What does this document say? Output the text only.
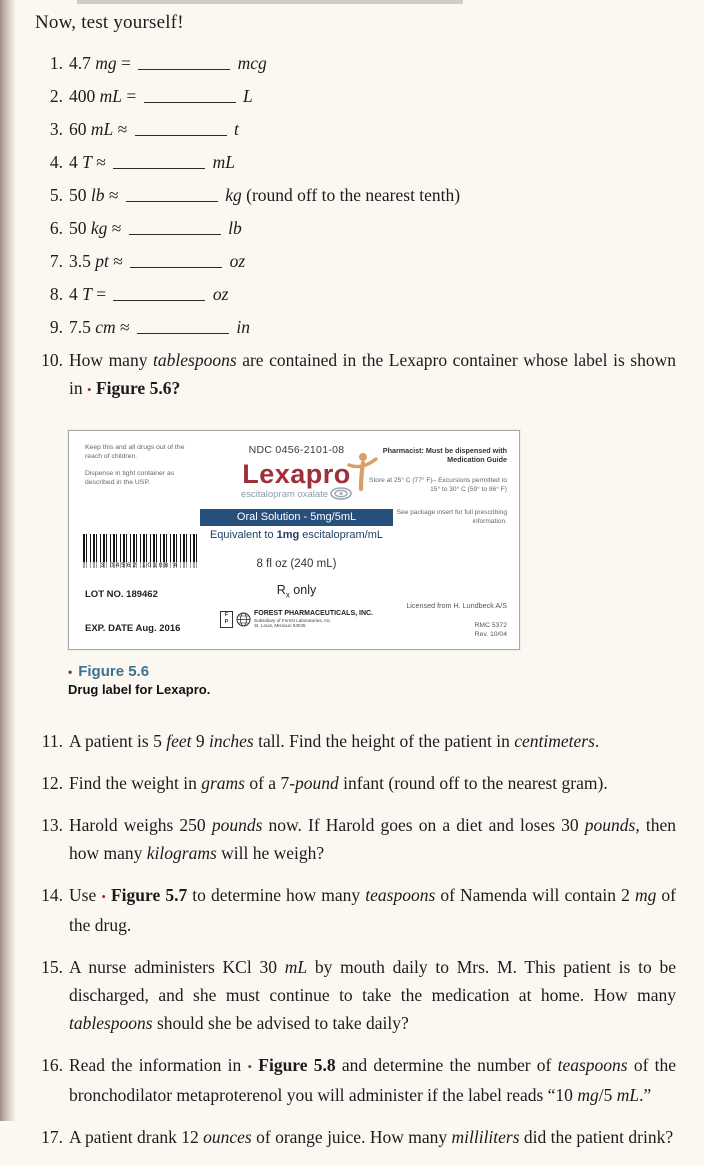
Now, test yourself!
1. 4.7 mg =	mcg
2. 400 mL =	L
3. 60 mL ≈	t
4. 4 T ≈	mL
5. 50 lb ≈	kg (round off to the nearest tenth)
6. 50 kg ≈	lb
7. 3.5 pt ≈	oz
8. 4 T =	oz
9. 7.5 cm ≈	in
10. How many tablespoons are contained in the Lexapro container whose label is shown in • Figure 5.6?

Keep this and all drugs out of the reach of children.

Dispense in tight container as described in the USP.

3 04562 10108 4
LOT NO. 189462
EXP. DATE Aug. 2016
NDC 0456-2101-08
Lexapro
escitalopram oxalate
Oral Solution - 5mg/5mL
Equivalent to 1mg escitalopram/mL
8 fl oz (240 mL)
$R_x$ only
F
P
FOREST PHARMACEUTICALS, INC.
Subsidiary of Forest Laboratories, Inc.
St. Louis, Missouri 63045
Pharmacist: Must be dispensed with Medication Guide
Store at 25° C (77° F)– Excursions permitted to 15° to 30° C (59° to 86° F)
See package insert for full prescribing information.
Licensed from H. Lundbeck A/S
RMC 5372
Rev. 10/04
• Figure 5.6
Drug label for Lexapro.
11. A patient is 5 feet 9 inches tall. Find the height of the patient in centimeters.
12. Find the weight in grams of a 7-pound infant (round off to the nearest gram).
13. Harold weighs 250 pounds now. If Harold goes on a diet and loses 30 pounds, then how many kilograms will he weigh?
14. Use • Figure 5.7 to determine how many teaspoons of Namenda will contain 2 mg of the drug.
15. A nurse administers KCl 30 mL by mouth daily to Mrs. M. This patient is to be discharged, and she must continue to take the medication at home. How many tablespoons should she be advised to take daily?
16. Read the information in • Figure 5.8 and determine the number of teaspoons of the bronchodilator metaproterenol you will administer if the label reads “10 mg/5 mL.”
17. A patient drank 12 ounces of orange juice. How many milliliters did the patient drink?
